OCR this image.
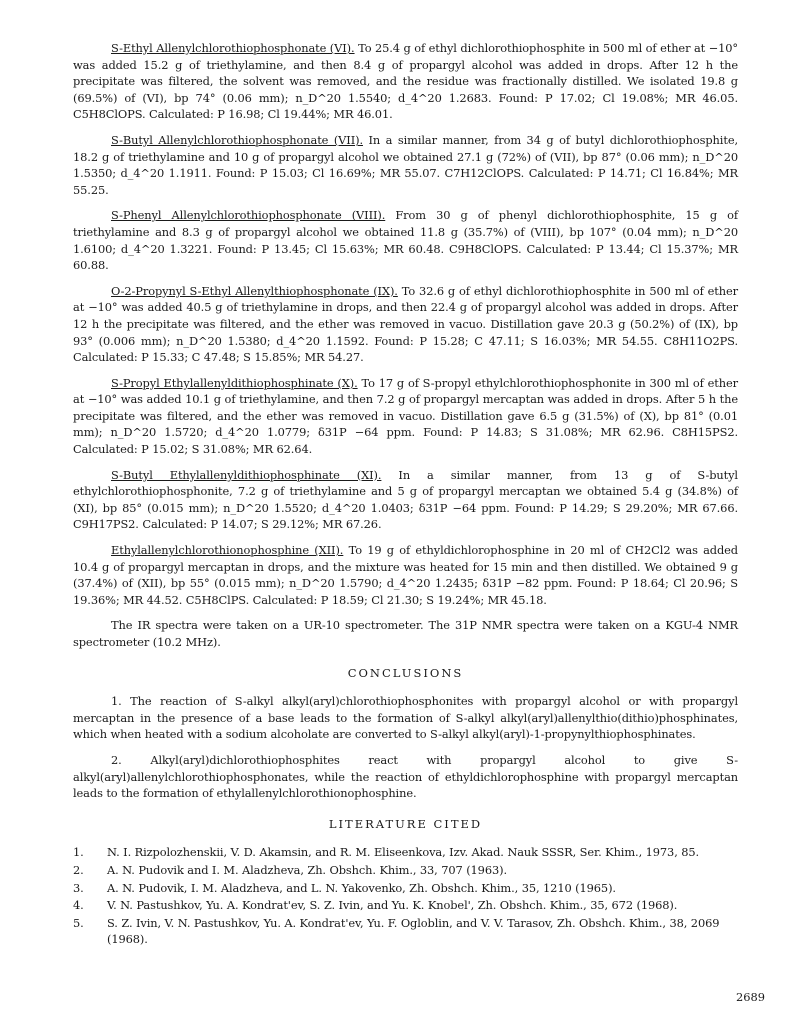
S-Ethyl Allenylchlorothiophosphonate (VI). To 25.4 g of ethyl dichlorothiophosphite in 500 ml of ether at −10° was added 15.2 g of triethylamine, and then 8.4 g of propargyl alcohol was added in drops. After 12 h the precipitate was filtered, the solvent was removed, and the residue was fractionally distilled. We isolated 19.8 g (69.5%) of (VI), bp 74° (0.06 mm); n_D^20 1.5540; d_4^20 1.2683. Found: P 17.02; Cl 19.08%; MR 46.05. C5H8ClOPS. Calculated: P 16.98; Cl 19.44%; MR 46.01.

S-Butyl Allenylchlorothiophosphonate (VII). In a similar manner, from 34 g of butyl dichlorothiophosphite, 18.2 g of triethylamine and 10 g of propargyl alcohol we obtained 27.1 g (72%) of (VII), bp 87° (0.06 mm); n_D^20 1.5350; d_4^20 1.1911. Found: P 15.03; Cl 16.69%; MR 55.07. C7H12ClOPS. Calculated: P 14.71; Cl 16.84%; MR 55.25.

S-Phenyl Allenylchlorothiophosphonate (VIII). From 30 g of phenyl dichlorothiophosphite, 15 g of triethylamine and 8.3 g of propargyl alcohol we obtained 11.8 g (35.7%) of (VIII), bp 107° (0.04 mm); n_D^20 1.6100; d_4^20 1.3221. Found: P 13.45; Cl 15.63%; MR 60.48. C9H8ClOPS. Calculated: P 13.44; Cl 15.37%; MR 60.88.

O-2-Propynyl S-Ethyl Allenylthiophosphonate (IX). To 32.6 g of ethyl dichlorothiophosphite in 500 ml of ether at −10° was added 40.5 g of triethylamine in drops, and then 22.4 g of propargyl alcohol was added in drops. After 12 h the precipitate was filtered, and the ether was removed in vacuo. Distillation gave 20.3 g (50.2%) of (IX), bp 93° (0.006 mm); n_D^20 1.5380; d_4^20 1.1592. Found: P 15.28; C 47.11; S 16.03%; MR 54.55. C8H11O2PS. Calculated: P 15.33; C 47.48; S 15.85%; MR 54.27.

S-Propyl Ethylallenyldithiophosphinate (X). To 17 g of S-propyl ethylchlorothiophosphonite in 300 ml of ether at −10° was added 10.1 g of triethylamine, and then 7.2 g of propargyl mercaptan was added in drops. After 5 h the precipitate was filtered, and the ether was removed in vacuo. Distillation gave 6.5 g (31.5%) of (X), bp 81° (0.01 mm); n_D^20 1.5720; d_4^20 1.0779; δ31P −64 ppm. Found: P 14.83; S 31.08%; MR 62.96. C8H15PS2. Calculated: P 15.02; S 31.08%; MR 62.64.

S-Butyl Ethylallenyldithiophosphinate (XI). In a similar manner, from 13 g of S-butyl ethylchlorothiophosphonite, 7.2 g of triethylamine and 5 g of propargyl mercaptan we obtained 5.4 g (34.8%) of (XI), bp 85° (0.015 mm); n_D^20 1.5520; d_4^20 1.0403; δ31P −64 ppm. Found: P 14.29; S 29.20%; MR 67.66. C9H17PS2. Calculated: P 14.07; S 29.12%; MR 67.26.

Ethylallenylchlorothionophosphine (XII). To 19 g of ethyldichlorophosphine in 20 ml of CH2Cl2 was added 10.4 g of propargyl mercaptan in drops, and the mixture was heated for 15 min and then distilled. We obtained 9 g (37.4%) of (XII), bp 55° (0.015 mm); n_D^20 1.5790; d_4^20 1.2435; δ31P −82 ppm. Found: P 18.64; Cl 20.96; S 19.36%; MR 44.52. C5H8ClPS. Calculated: P 18.59; Cl 21.30; S 19.24%; MR 45.18.

The IR spectra were taken on a UR-10 spectrometer. The 31P NMR spectra were taken on a KGU-4 NMR spectrometer (10.2 MHz).

CONCLUSIONS

1. The reaction of S-alkyl alkyl(aryl)chlorothiophosphonites with propargyl alcohol or with propargyl mercaptan in the presence of a base leads to the formation of S-alkyl alkyl(aryl)allenylthio(dithio)phosphinates, which when heated with a sodium alcoholate are converted to S-alkyl alkyl(aryl)-1-propynylthiophosphinates.

2. Alkyl(aryl)dichlorothiophosphites react with propargyl alcohol to give S-alkyl(aryl)allenylchlorothiophosphonates, while the reaction of ethyldichlorophosphine with propargyl mercaptan leads to the formation of ethylallenylchlorothionophosphine.

LITERATURE CITED
1.	N. I. Rizpolozhenskii, V. D. Akamsin, and R. M. Eliseenkova, Izv. Akad. Nauk SSSR, Ser. Khim., 1973, 85.
2.	A. N. Pudovik and I. M. Aladzheva, Zh. Obshch. Khim., 33, 707 (1963).
3.	A. N. Pudovik, I. M. Aladzheva, and L. N. Yakovenko, Zh. Obshch. Khim., 35, 1210 (1965).
4.	V. N. Pastushkov, Yu. A. Kondrat'ev, S. Z. Ivin, and Yu. K. Knobel', Zh. Obshch. Khim., 35, 672 (1968).
5.	S. Z. Ivin, V. N. Pastushkov, Yu. A. Kondrat'ev, Yu. F. Ogloblin, and V. V. Tarasov, Zh. Obshch. Khim., 38, 2069 (1968).
2689
